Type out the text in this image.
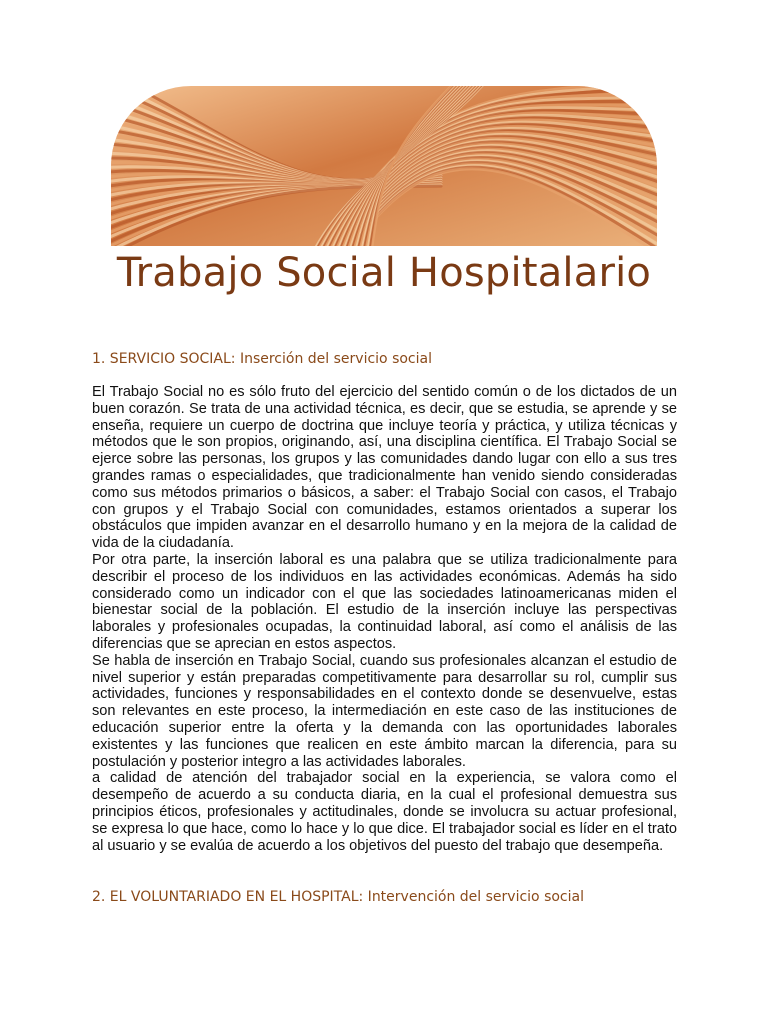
Trabajo Social Hospitalario
1. SERVICIO SOCIAL: Inserción del servicio social

El Trabajo Social no es sólo fruto del ejercicio del sentido común o de los dictados de un buen corazón. Se trata de una actividad técnica, es decir, que se estudia, se aprende y se enseña, requiere un cuerpo de doctrina que incluye teoría y práctica, y utiliza técnicas y métodos que le son propios, originando, así, una disciplina científica. El Trabajo Social se ejerce sobre las personas, los grupos y las comunidades dando lugar con ello a sus tres grandes ramas o especialidades, que tradicionalmente han venido siendo consideradas como sus métodos primarios o básicos, a saber: el Trabajo Social con casos, el Trabajo con grupos y el Trabajo Social con comunidades, estamos orientados a superar los obstáculos que impiden avanzar en el desarrollo humano y en la mejora de la calidad de vida de la ciudadanía.

Por otra parte, la inserción laboral es una palabra que se utiliza tradicionalmente para describir el proceso de los individuos en las actividades económicas. Además ha sido considerado como un indicador con el que las sociedades latinoamericanas miden el bienestar social de la población. El estudio de la inserción incluye las perspectivas laborales y profesionales ocupadas, la continuidad laboral, así como el análisis de las diferencias que se aprecian en estos aspectos.

Se habla de inserción en Trabajo Social, cuando sus profesionales alcanzan el estudio de nivel superior y están preparadas competitivamente para desarrollar su rol, cumplir sus actividades, funciones y responsabilidades en el contexto donde se desenvuelve, estas son relevantes en este proceso, la intermediación en este caso de las instituciones de educación superior entre la oferta y la demanda con las oportunidades laborales existentes y las funciones que realicen en este ámbito marcan la diferencia, para su postulación y posterior integro a las actividades laborales.

a calidad de atención del trabajador social en la experiencia, se valora como el desempeño de acuerdo a su conducta diaria, en la cual el profesional demuestra sus principios éticos, profesionales y actitudinales, donde se involucra su actuar profesional, se expresa lo que hace, como lo hace y lo que dice. El trabajador social es líder en el trato al usuario y se evalúa de acuerdo a los objetivos del puesto del trabajo que desempeña.

2. EL VOLUNTARIADO EN EL HOSPITAL: Intervención del servicio social
